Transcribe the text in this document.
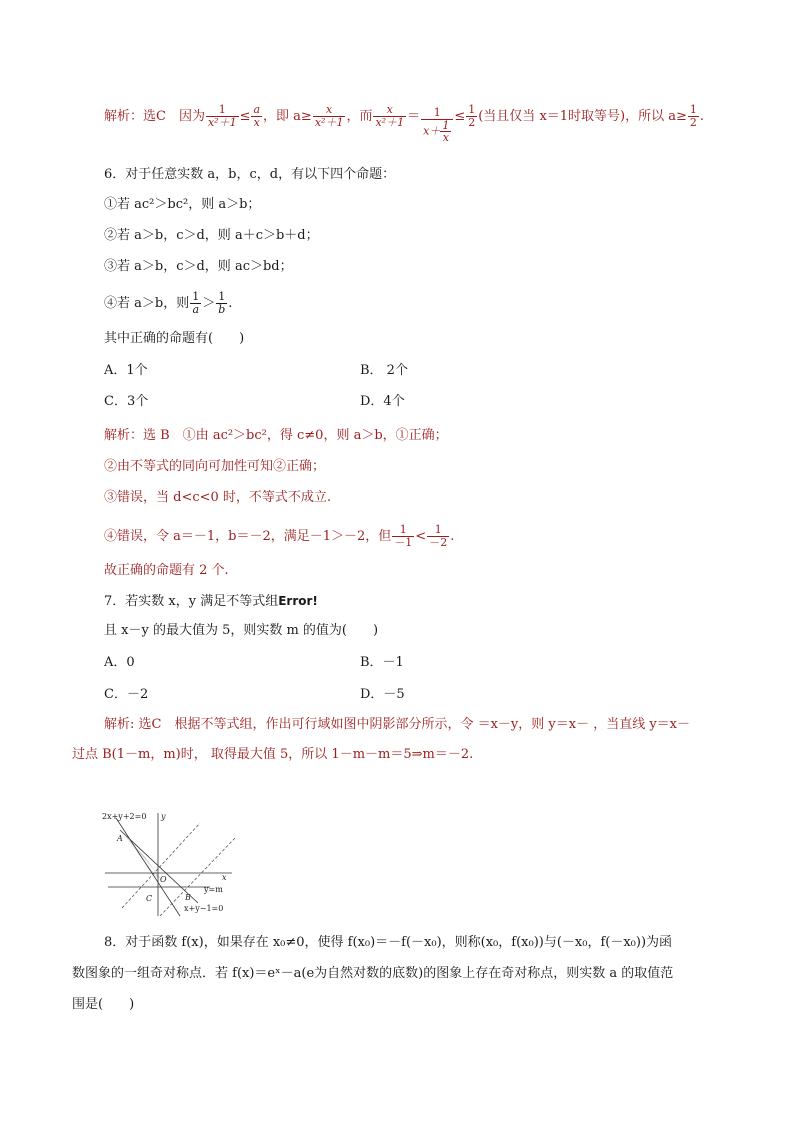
解析：选C　因为 $\frac{1}{\text{x²＋1}} \le \frac{a}{x}$ ，即 $a\ge \frac{x}{\text{x²＋1}}$ ，而 $\frac{x}{\text{x²＋1}} = \frac{1}{x+ \frac{1}{x}} \le \frac{1}{2}$ (当且仅当 x＝1时取等号)，所以 $a\ge \frac{1}{2}$ .
6．对于任意实数 a，b，c，d，有以下四个命题：
①若 ac²＞bc²，则 a＞b；
②若 a＞b，c＞d，则 a＋c＞b＋d；
③若 a＞b，c＞d，则 ac＞bd；
④若 a＞b，则 $\frac{1}{a} > \frac{1}{b}$ .
其中正确的命题有(　　)
A．1个	B． 2个
C．3个	D．4个
解析：选 B　①由 ac²＞bc²，得 c≠0，则 a＞b，①正确；
②由不等式的同向可加性可知②正确；
③错误，当 d<c<0 时，不等式不成立.
④错误，令 a＝－1，b＝－2，满足－1＞－2，但 $\frac{1}{-1} < \frac{1}{-2}$ .
故正确的命题有 2 个.
7．若实数 x，y 满足不等式组Error!
且 x－y 的最大值为 5，则实数 m 的值为(　　)
A．0	B．－1
C．－2	D．－5
解析: 选C　根据不等式组，作出可行域如图中阴影部分所示，令 ＝x－y，则 y＝x－ ，当直线 y＝x－
过点 B(1－m，m)时， 取得最大值 5，所以 1－m－m＝5⇒m＝－2.
2x+y+2=0 y
x
A
O
C	B
y=m
x+y−1=0
8．对于函数 f(x)，如果存在 x₀≠0，使得 f(x₀)＝－f(－x₀)，则称(x₀，f(x₀))与(－x₀，f(－x₀))为函
数图象的一组奇对称点．若 f(x)＝eˣ－a(e为自然对数的底数)的图象上存在奇对称点，则实数 a 的取值范
围是(　　)
